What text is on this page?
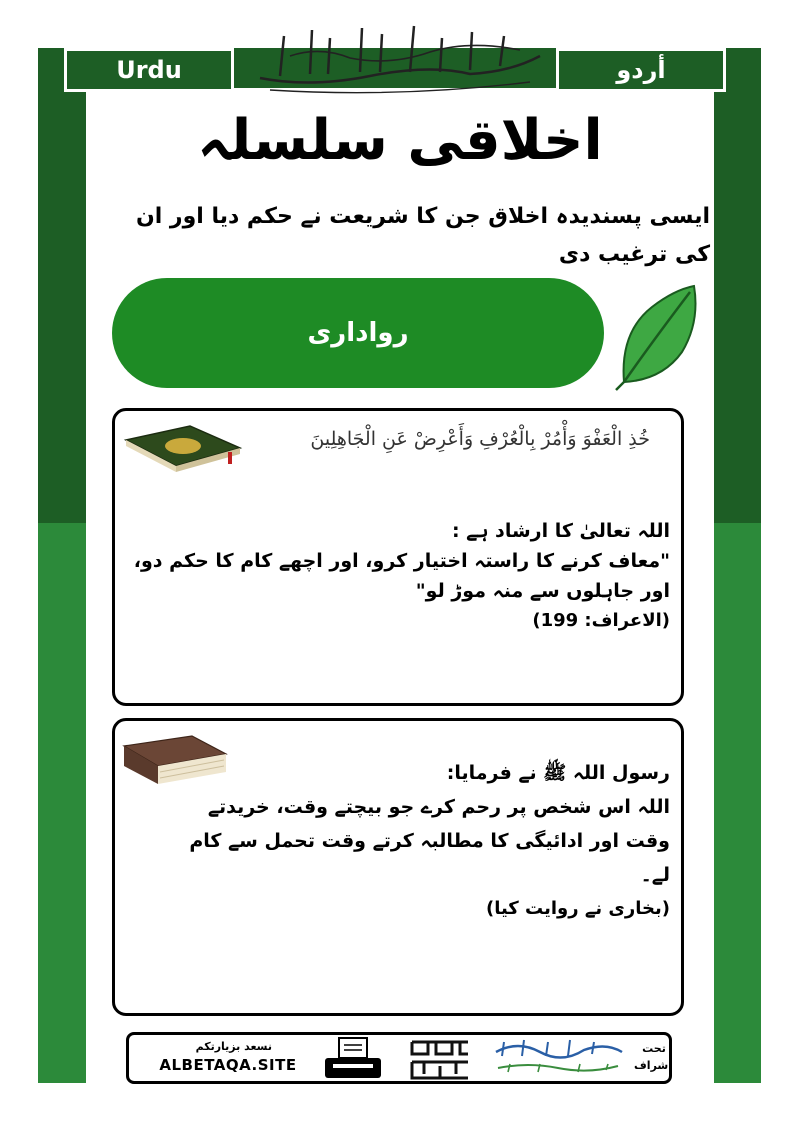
Urdu	أردو
اخلاقی سلسلہ
ایسی پسندیدہ اخلاق جن کا شریعت نے حکم دیا اور ان کی ترغیب دی
رواداری
خُذِ الْعَفْوَ وَأْمُرْ بِالْعُرْفِ وَأَعْرِضْ عَنِ الْجَاهِلِينَ
اللہ تعالیٰ کا ارشاد ہے :
"معاف کرنے کا راستہ اختیار کرو، اور اچھے کام کا حکم دو،
اور جاہلوں سے منہ موڑ لو"
(الاعراف: 199)
رسول اللہ ﷺ نے فرمایا:
اللہ اس شخص پر رحم کرے جو بیچتے وقت، خریدتے
وقت اور ادائیگی کا مطالبہ کرتے وقت تحمل سے کام
لے۔
(بخاری نے روایت کیا)
نسعد بزيارتكم
ALBETAQA.SITE
تحت
اشراف
